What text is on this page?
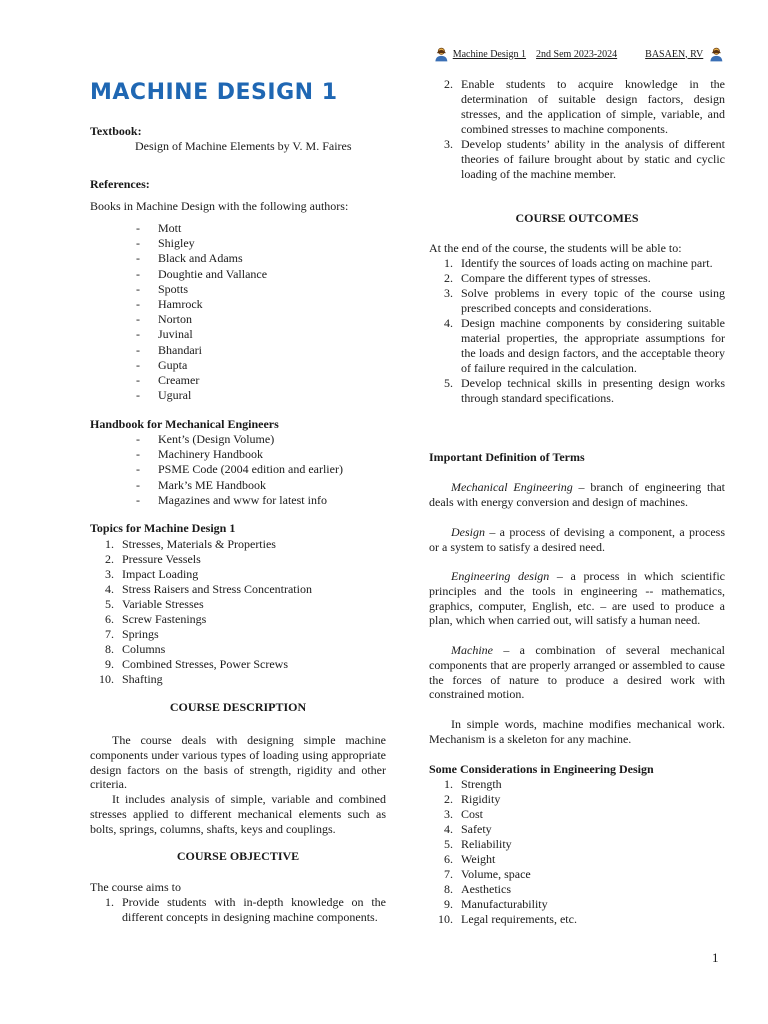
Machine Design 1 2nd Sem 2023-2024	BASAEN, RV
MACHINE DESIGN 1
Textbook:
Design of Machine Elements by V. M. Faires
References:
Books in Machine Design with the following authors:
-	Mott
-	Shigley
-	Black and Adams
-	Doughtie and Vallance
-	Spotts
-	Hamrock
-	Norton
-	Juvinal
-	Bhandari
-	Gupta
-	Creamer
-	Ugural
Handbook for Mechanical Engineers
-	Kent’s (Design Volume)
-	Machinery Handbook
-	PSME Code (2004 edition and earlier)
-	Mark’s ME Handbook
-	Magazines and www for latest info
Topics for Machine Design 1
1. Stresses, Materials & Properties
2. Pressure Vessels
3. Impact Loading
4. Stress Raisers and Stress Concentration
5. Variable Stresses
6. Screw Fastenings
7. Springs
8. Columns
9. Combined Stresses, Power Screws
10. Shafting
COURSE DESCRIPTION
The course deals with designing simple machine components under various types of loading using appropriate design factors on the basis of strength, rigidity and other criteria.
It includes analysis of simple, variable and combined stresses applied to different mechanical elements such as bolts, springs, columns, shafts, keys and couplings.
COURSE OBJECTIVE
The course aims to
1. Provide students with in-depth knowledge on the different concepts in designing machine components.
2. Enable students to acquire knowledge in the determination of suitable design factors, design stresses, and the application of simple, variable, and combined stresses to machine components.
3. Develop students’ ability in the analysis of different theories of failure brought about by static and cyclic loading of the machine member.
COURSE OUTCOMES
At the end of the course, the students will be able to:
1. Identify the sources of loads acting on machine part.
2. Compare the different types of stresses.
3. Solve problems in every topic of the course using prescribed concepts and considerations.
4. Design machine components by considering suitable material properties, the appropriate assumptions for the loads and design factors, and the acceptable theory of failure required in the calculation.
5. Develop technical skills in presenting design works through standard specifications.
Important Definition of Terms
Mechanical Engineering – branch of engineering that deals with energy conversion and design of machines.
Design – a process of devising a component, a process or a system to satisfy a desired need.
Engineering design – a process in which scientific principles and the tools in engineering -- mathematics, graphics, computer, English, etc. – are used to produce a plan, which when carried out, will satisfy a human need.
Machine – a combination of several mechanical components that are properly arranged or assembled to cause the forces of nature to produce a desired work with constrained motion.
In simple words, machine modifies mechanical work. Mechanism is a skeleton for any machine.
Some Considerations in Engineering Design
1. Strength
2. Rigidity
3. Cost
4. Safety
5. Reliability
6. Weight
7. Volume, space
8. Aesthetics
9. Manufacturability
10. Legal requirements, etc.
1
